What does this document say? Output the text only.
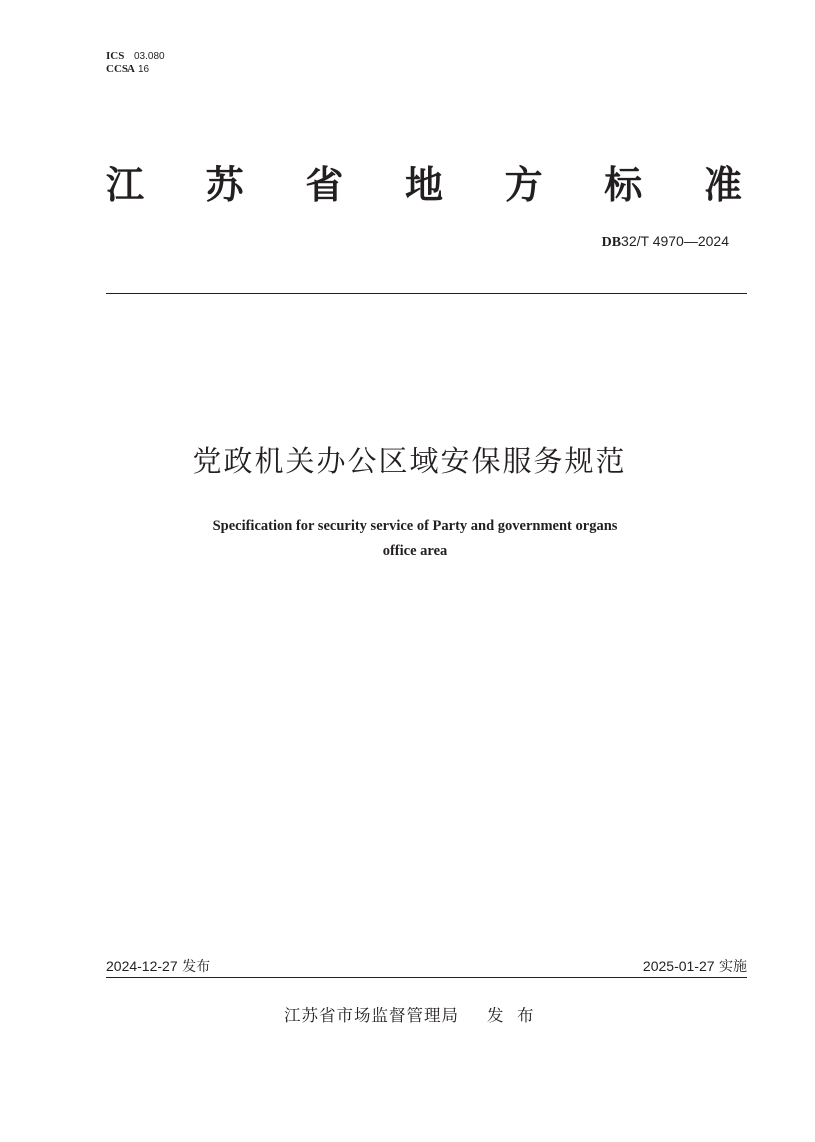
ICS 03.080
CCSA 16
江 苏 省 地 方 标 准
DB32/T 4970—2024
党政机关办公区域安保服务规范
Specification for security service of Party and government organs
office area
2024-12-27 发布	2025-01-27 实施
江苏省市场监督管理局 发  布
